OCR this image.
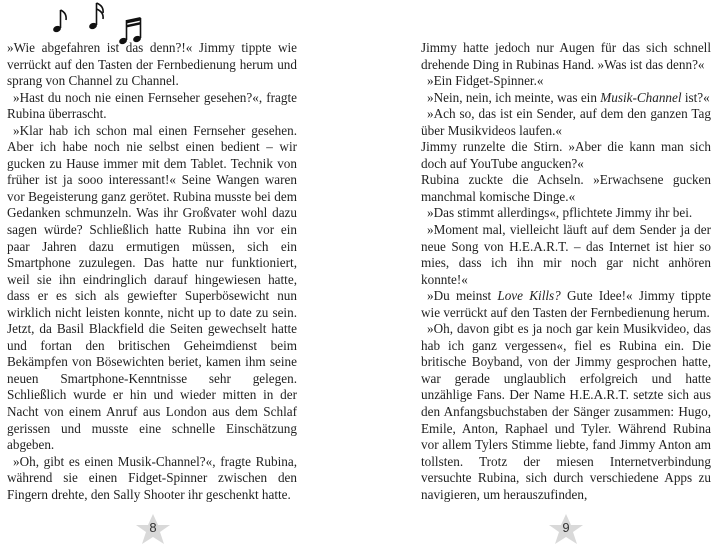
»Wie abgefahren ist das denn?!« Jimmy tippte wie verrückt auf den Tasten der Fernbedienung herum und sprang von Channel zu Channel.

»Hast du noch nie einen Fernseher gesehen?«, fragte Rubina überrascht.

»Klar hab ich schon mal einen Fernseher gesehen. Aber ich habe noch nie selbst einen bedient – wir gucken zu Hause immer mit dem Tablet. Technik von früher ist ja sooo interessant!« Seine Wangen waren vor Begeisterung ganz gerötet. Rubina musste bei dem Gedanken schmunzeln. Was ihr Großvater wohl dazu sagen würde? Schließlich hatte Rubina ihn vor ein paar Jahren dazu ermutigen müssen, sich ein Smartphone zuzulegen. Das hatte nur funktioniert, weil sie ihn eindringlich darauf hingewiesen hatte, dass er es sich als gewiefter Superbösewicht nun wirklich nicht leisten konnte, nicht up to date zu sein. Jetzt, da Basil Blackfield die Seiten gewechselt hatte und fortan den britischen Geheimdienst beim Bekämpfen von Bösewichten beriet, kamen ihm seine neuen Smartphone-Kenntnisse sehr gelegen. Schließlich wurde er hin und wieder mitten in der Nacht von einem Anruf aus London aus dem Schlaf gerissen und musste eine schnelle Einschätzung abgeben.

»Oh, gibt es einen Musik-Channel?«, fragte Rubina, während sie einen Fidget-Spinner zwischen den Fingern drehte, den Sally Shooter ihr geschenkt hatte.

Jimmy hatte jedoch nur Augen für das sich schnell drehende Ding in Rubinas Hand. »Was ist das denn?«

»Ein Fidget-Spinner.«

»Nein, nein, ich meinte, was ein Musik-Channel ist?«

»Ach so, das ist ein Sender, auf dem den ganzen Tag über Musikvideos laufen.«

Jimmy runzelte die Stirn. »Aber die kann man sich doch auf YouTube angucken?«

Rubina zuckte die Achseln. »Erwachsene gucken manchmal komische Dinge.«

»Das stimmt allerdings«, pflichtete Jimmy ihr bei.

»Moment mal, vielleicht läuft auf dem Sender ja der neue Song von H.E.A.R.T. – das Internet ist hier so mies, dass ich ihn mir noch gar nicht anhören konnte!«

»Du meinst Love Kills? Gute Idee!« Jimmy tippte wie verrückt auf den Tasten der Fernbedienung herum.

»Oh, davon gibt es ja noch gar kein Musikvideo, das hab ich ganz vergessen«, fiel es Rubina ein. Die britische Boyband, von der Jimmy gesprochen hatte, war gerade unglaublich erfolgreich und hatte unzählige Fans. Der Name H.E.A.R.T. setzte sich aus den Anfangsbuchstaben der Sänger zusammen: Hugo, Emile, Anton, Raphael und Tyler. Während Rubina vor allem Tylers Stimme liebte, fand Jimmy Anton am tollsten. Trotz der miesen Internetverbindung versuchte Rubina, sich durch verschiedene Apps zu navigieren, um herauszufinden,

8	9
